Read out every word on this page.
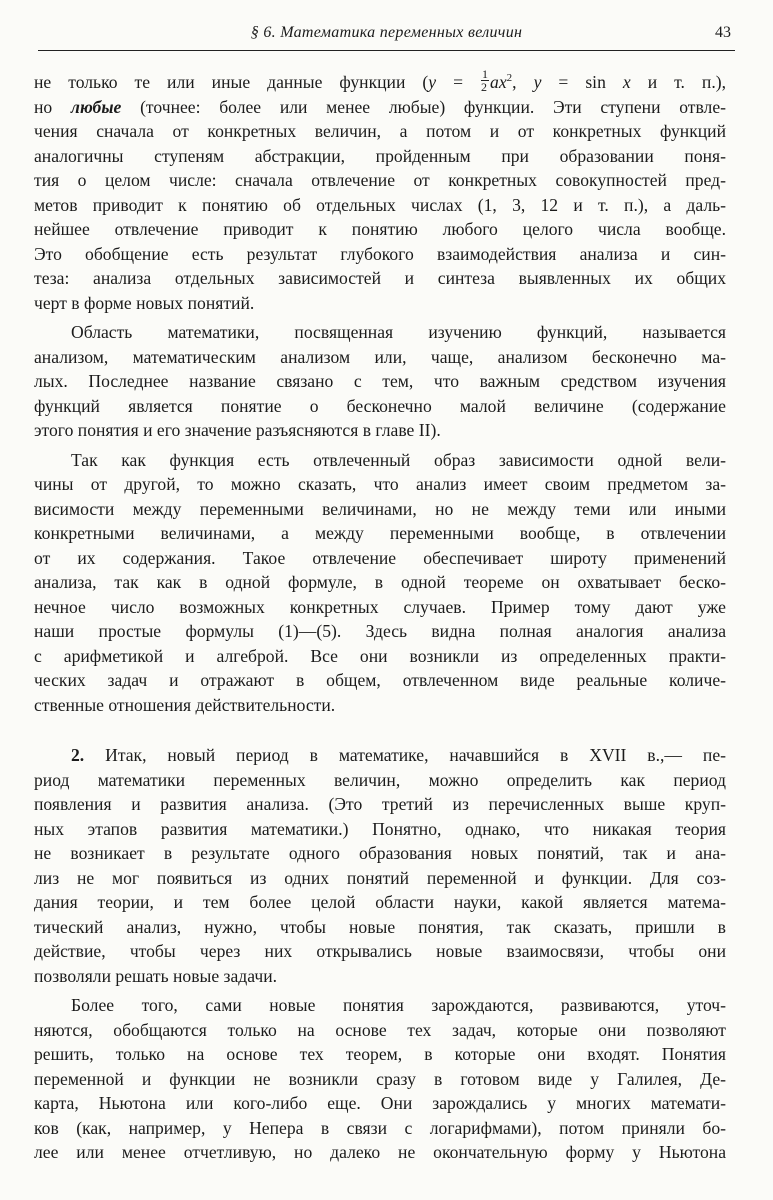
§ 6. Математика переменных величин	43

не только те или иные данные функции ($y = \frac{1}{2} ax^2$, y = sin x и т. п.),
но любые (точнее: более или менее любые) функции. Эти ступени отвле-
чения сначала от конкретных величин, а потом и от конкретных функций
аналогичны ступеням абстракции, пройденным при образовании поня-
тия о целом числе: сначала отвлечение от конкретных совокупностей пред-
метов приводит к понятию об отдельных числах (1, 3, 12 и т. п.), а даль-
нейшее отвлечение приводит к понятию любого целого числа вообще.
Это обобщение есть результат глубокого взаимодействия анализа и син-
теза: анализа отдельных зависимостей и синтеза выявленных их общих
черт в форме новых понятий.

Область математики, посвященная изучению функций, называется
анализом, математическим анализом или, чаще, анализом бесконечно ма-
лых. Последнее название связано с тем, что важным средством изучения
функций является понятие о бесконечно малой величине (содержание
этого понятия и его значение разъясняются в главе II).

Так как функция есть отвлеченный образ зависимости одной вели-
чины от другой, то можно сказать, что анализ имеет своим предметом за-
висимости между переменными величинами, но не между теми или иными
конкретными величинами, а между переменными вообще, в отвлечении
от их содержания. Такое отвлечение обеспечивает широту применений
анализа, так как в одной формуле, в одной теореме он охватывает беско-
нечное число возможных конкретных случаев. Пример тому дают уже
наши простые формулы (1)—(5). Здесь видна полная аналогия анализа
с арифметикой и алгеброй. Все они возникли из определенных практи-
ческих задач и отражают в общем, отвлеченном виде реальные количе-
ственные отношения действительности.

2. Итак, новый период в математике, начавшийся в XVII в.,— пе-
риод математики переменных величин, можно определить как период
появления и развития анализа. (Это третий из перечисленных выше круп-
ных этапов развития математики.) Понятно, однако, что никакая теория
не возникает в результате одного образования новых понятий, так и ана-
лиз не мог появиться из одних понятий переменной и функции. Для соз-
дания теории, и тем более целой области науки, какой является матема-
тический анализ, нужно, чтобы новые понятия, так сказать, пришли в
действие, чтобы через них открывались новые взаимосвязи, чтобы они
позволяли решать новые задачи.

Более того, сами новые понятия зарождаются, развиваются, уточ-
няются, обобщаются только на основе тех задач, которые они позволяют
решить, только на основе тех теорем, в которые они входят. Понятия
переменной и функции не возникли сразу в готовом виде у Галилея, Де-
карта, Ньютона или кого-либо еще. Они зарождались у многих математи-
ков (как, например, у Непера в связи с логарифмами), потом приняли бо-
лее или менее отчетливую, но далеко не окончательную форму у Ньютона
